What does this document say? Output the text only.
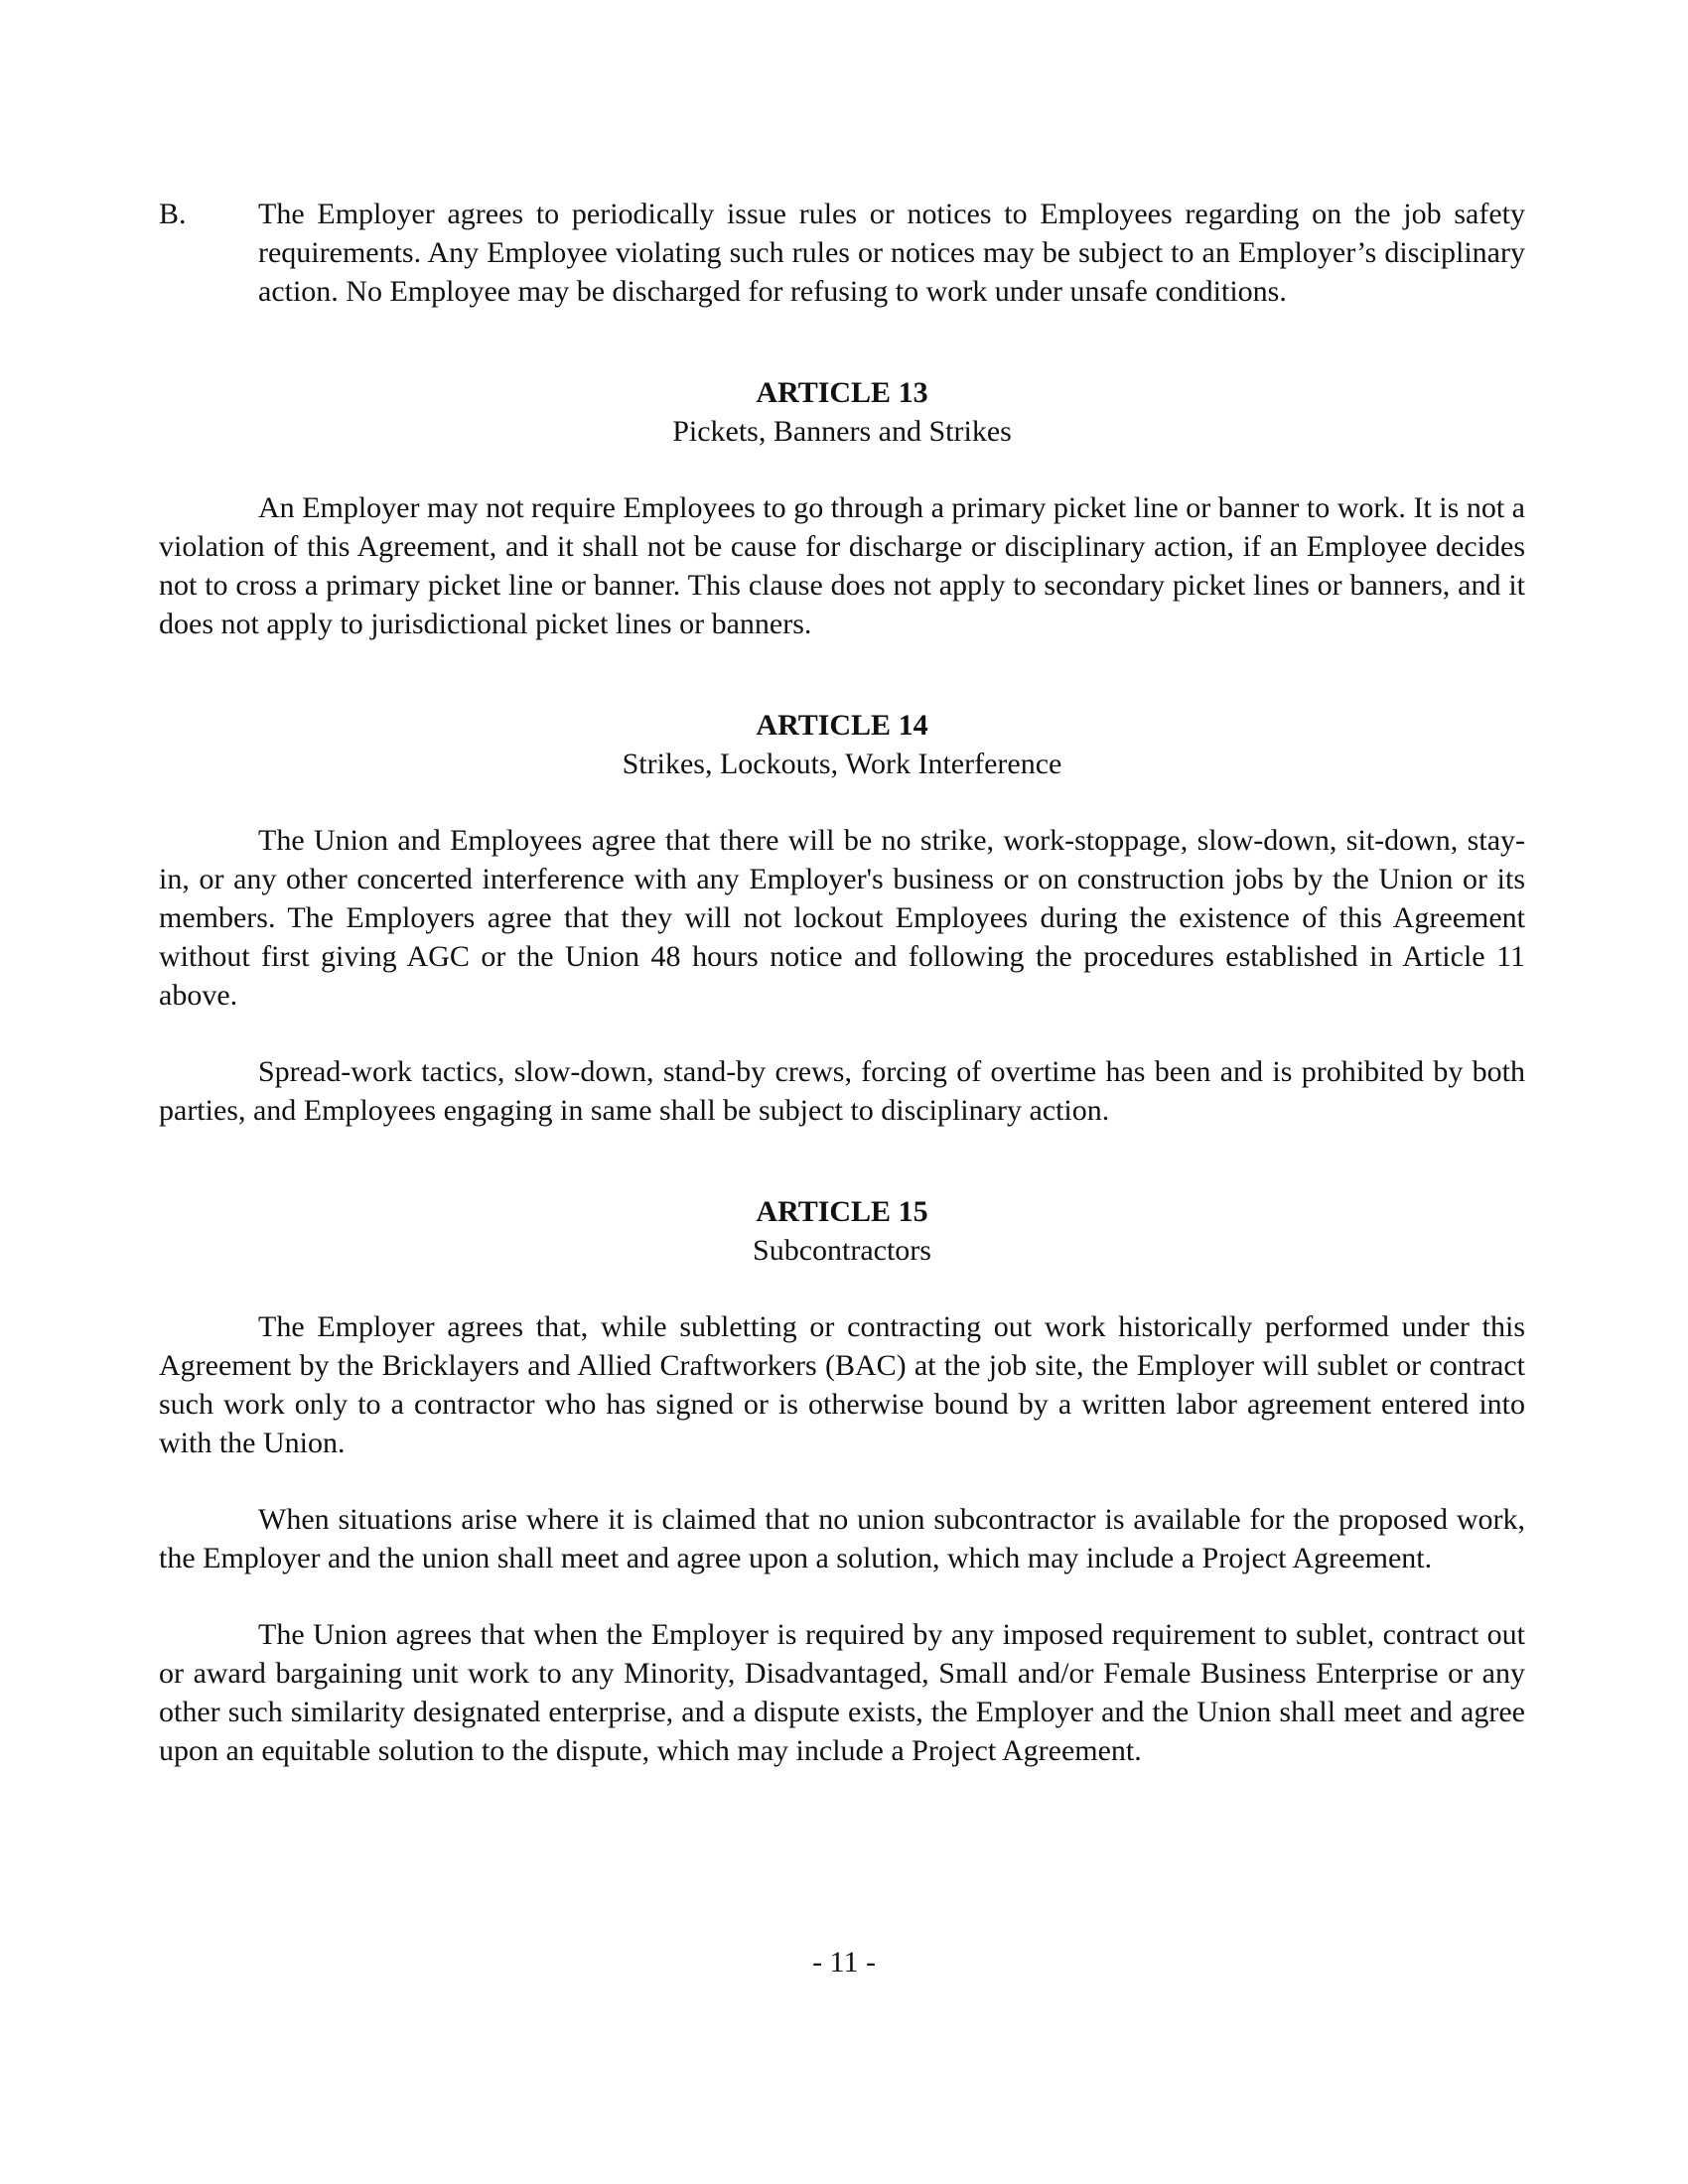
B. The Employer agrees to periodically issue rules or notices to Employees regarding on the job safety requirements. Any Employee violating such rules or notices may be subject to an Employer’s disciplinary action. No Employee may be discharged for refusing to work under unsafe conditions.

ARTICLE 13
Pickets, Banners and Strikes

An Employer may not require Employees to go through a primary picket line or banner to work. It is not a violation of this Agreement, and it shall not be cause for discharge or disciplinary action, if an Employee decides not to cross a primary picket line or banner. This clause does not apply to secondary picket lines or banners, and it does not apply to jurisdictional picket lines or banners.

ARTICLE 14
Strikes, Lockouts, Work Interference

The Union and Employees agree that there will be no strike, work-stoppage, slow-down, sit-down, stay-in, or any other concerted interference with any Employer's business or on construction jobs by the Union or its members. The Employers agree that they will not lockout Employees during the existence of this Agreement without first giving AGC or the Union 48 hours notice and following the procedures established in Article 11 above.

Spread-work tactics, slow-down, stand-by crews, forcing of overtime has been and is prohibited by both parties, and Employees engaging in same shall be subject to disciplinary action.

ARTICLE 15
Subcontractors

The Employer agrees that, while subletting or contracting out work historically performed under this Agreement by the Bricklayers and Allied Craftworkers (BAC) at the job site, the Employer will sublet or contract such work only to a contractor who has signed or is otherwise bound by a written labor agreement entered into with the Union.

When situations arise where it is claimed that no union subcontractor is available for the proposed work, the Employer and the union shall meet and agree upon a solution, which may include a Project Agreement.

The Union agrees that when the Employer is required by any imposed requirement to sublet, contract out or award bargaining unit work to any Minority, Disadvantaged, Small and/or Female Business Enterprise or any other such similarity designated enterprise, and a dispute exists, the Employer and the Union shall meet and agree upon an equitable solution to the dispute, which may include a Project Agreement.

- 11 -
